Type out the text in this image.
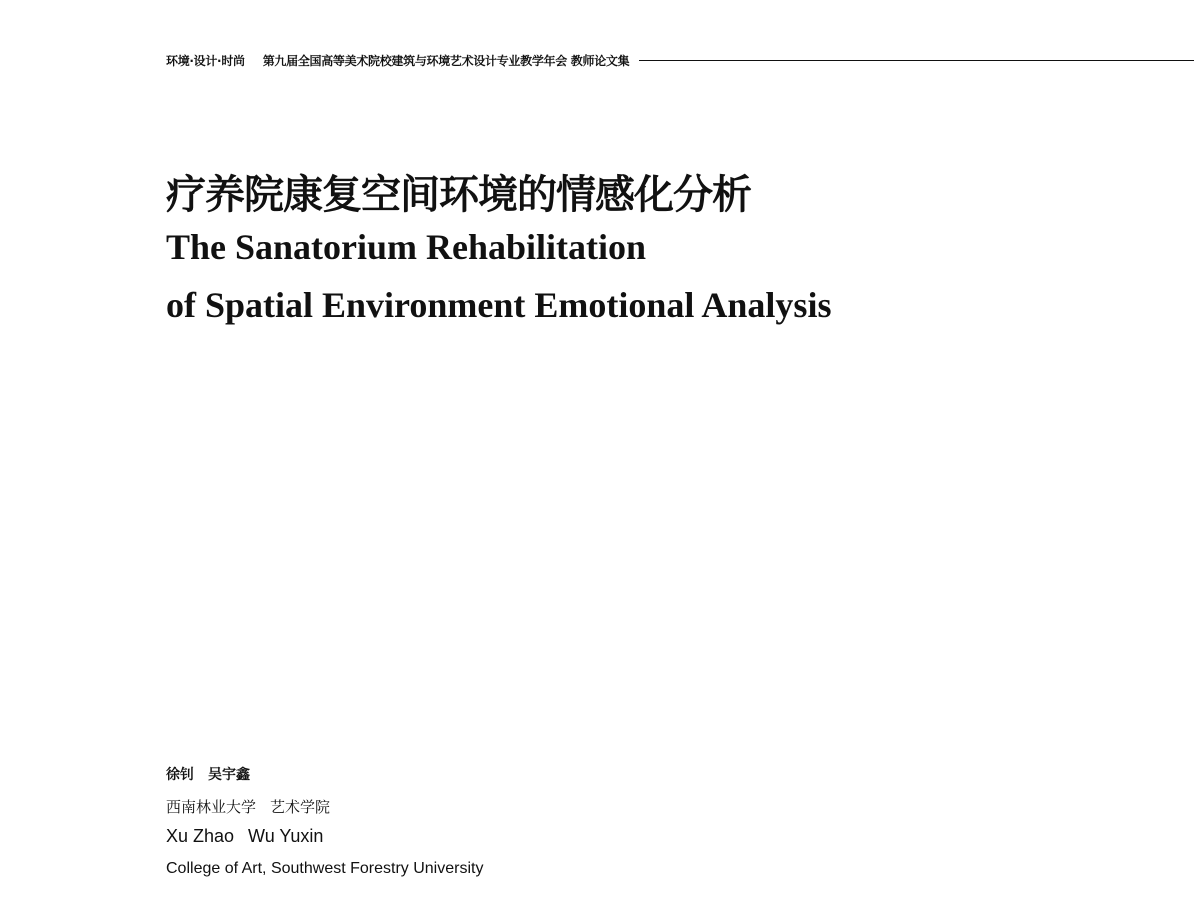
环境·设计·时尚 第九届全国高等美术院校建筑与环境艺术设计专业教学年会 教师论文集
疗养院康复空间环境的情感化分析
The Sanatorium Rehabilitation
of Spatial Environment Emotional Analysis
徐钊 吴宇鑫
西南林业大学 艺术学院
Xu Zhao Wu Yuxin
College of Art, Southwest Forestry University
